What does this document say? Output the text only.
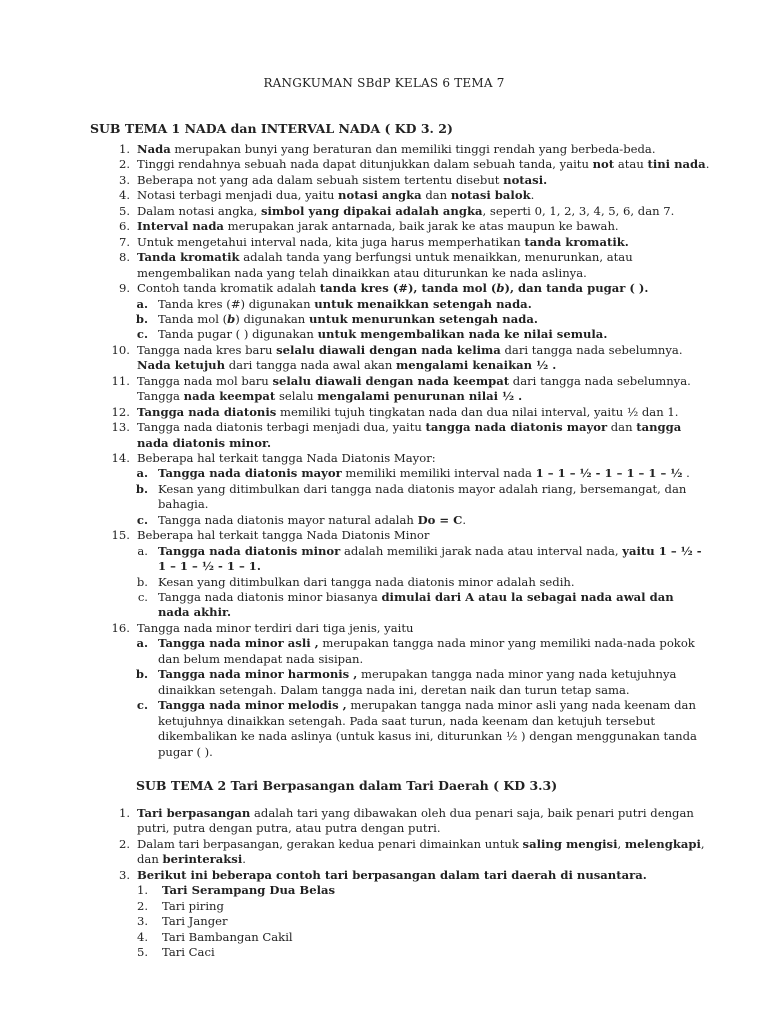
RANGKUMAN SBdP KELAS 6 TEMA 7
SUB TEMA 1 NADA dan INTERVAL NADA ( KD 3. 2)
1. Nada merupakan bunyi yang beraturan dan memiliki tinggi rendah yang berbeda-beda.
2. Tinggi rendahnya sebuah nada dapat ditunjukkan dalam sebuah tanda, yaitu not atau tini nada.
3. Beberapa not yang ada dalam sebuah sistem tertentu disebut notasi.
4. Notasi terbagi menjadi dua, yaitu notasi angka dan notasi balok.
5. Dalam notasi angka, simbol yang dipakai adalah angka, seperti 0, 1, 2, 3, 4, 5, 6, dan 7.
6. Interval nada merupakan jarak antarnada, baik jarak ke atas maupun ke bawah.
7. Untuk mengetahui interval nada, kita juga harus memperhatikan tanda kromatik.
8. Tanda kromatik adalah tanda yang berfungsi untuk menaikkan, menurunkan, atau
mengembalikan nada yang telah dinaikkan atau diturunkan ke nada aslinya.
9. Contoh tanda kromatik adalah tanda kres (#), tanda mol (b), dan tanda pugar ( ).
a. Tanda kres (#) digunakan untuk menaikkan setengah nada.
b. Tanda mol (b) digunakan untuk menurunkan setengah nada.
c. Tanda pugar ( ) digunakan untuk mengembalikan nada ke nilai semula.
10. Tangga nada kres baru selalu diawali dengan nada kelima dari tangga nada sebelumnya.
Nada ketujuh dari tangga nada awal akan mengalami kenaikan ½ .
11. Tangga nada mol baru selalu diawali dengan nada keempat dari tangga nada sebelumnya.
Tangga nada keempat selalu mengalami penurunan nilai ½ .
12. Tangga nada diatonis memiliki tujuh tingkatan nada dan dua nilai interval, yaitu ½ dan 1.
13. Tangga nada diatonis terbagi menjadi dua, yaitu tangga nada diatonis mayor dan tangga
nada diatonis minor.
14. Beberapa hal terkait tangga Nada Diatonis Mayor:
a. Tangga nada diatonis mayor memiliki memiliki interval nada 1 – 1 – ½ - 1 – 1 – 1 – ½ .
b. Kesan yang ditimbulkan dari tangga nada diatonis mayor adalah riang, bersemangat, dan
bahagia.
c. Tangga nada diatonis mayor natural adalah Do = C.
15. Beberapa hal terkait tangga Nada Diatonis Minor
a. Tangga nada diatonis minor adalah memiliki jarak nada atau interval nada, yaitu 1 – ½ -
1 – 1 – ½ - 1 – 1.
b. Kesan yang ditimbulkan dari tangga nada diatonis minor adalah sedih.
c. Tangga nada diatonis minor biasanya dimulai dari A atau la sebagai nada awal dan
nada akhir.
16. Tangga nada minor terdiri dari tiga jenis, yaitu
a. Tangga nada minor asli , merupakan tangga nada minor yang memiliki nada-nada pokok
dan belum mendapat nada sisipan.
b. Tangga nada minor harmonis , merupakan tangga nada minor yang nada ketujuhnya
dinaikkan setengah. Dalam tangga nada ini, deretan naik dan turun tetap sama.
c. Tangga nada minor melodis , merupakan tangga nada minor asli yang nada keenam dan
ketujuhnya dinaikkan setengah. Pada saat turun, nada keenam dan ketujuh tersebut
dikembalikan ke nada aslinya (untuk kasus ini, diturunkan ½ ) dengan menggunakan tanda
pugar ( ).
SUB TEMA 2 Tari Berpasangan dalam Tari Daerah ( KD 3.3)
1. Tari berpasangan adalah tari yang dibawakan oleh dua penari saja, baik penari putri dengan
putri, putra dengan putra, atau putra dengan putri.
2. Dalam tari berpasangan, gerakan kedua penari dimainkan untuk saling mengisi, melengkapi,
dan berinteraksi.
3. Berikut ini beberapa contoh tari berpasangan dalam tari daerah di nusantara.
1. Tari Serampang Dua Belas
2. Tari piring
3. Tari Janger
4. Tari Bambangan Cakil
5. Tari Caci
